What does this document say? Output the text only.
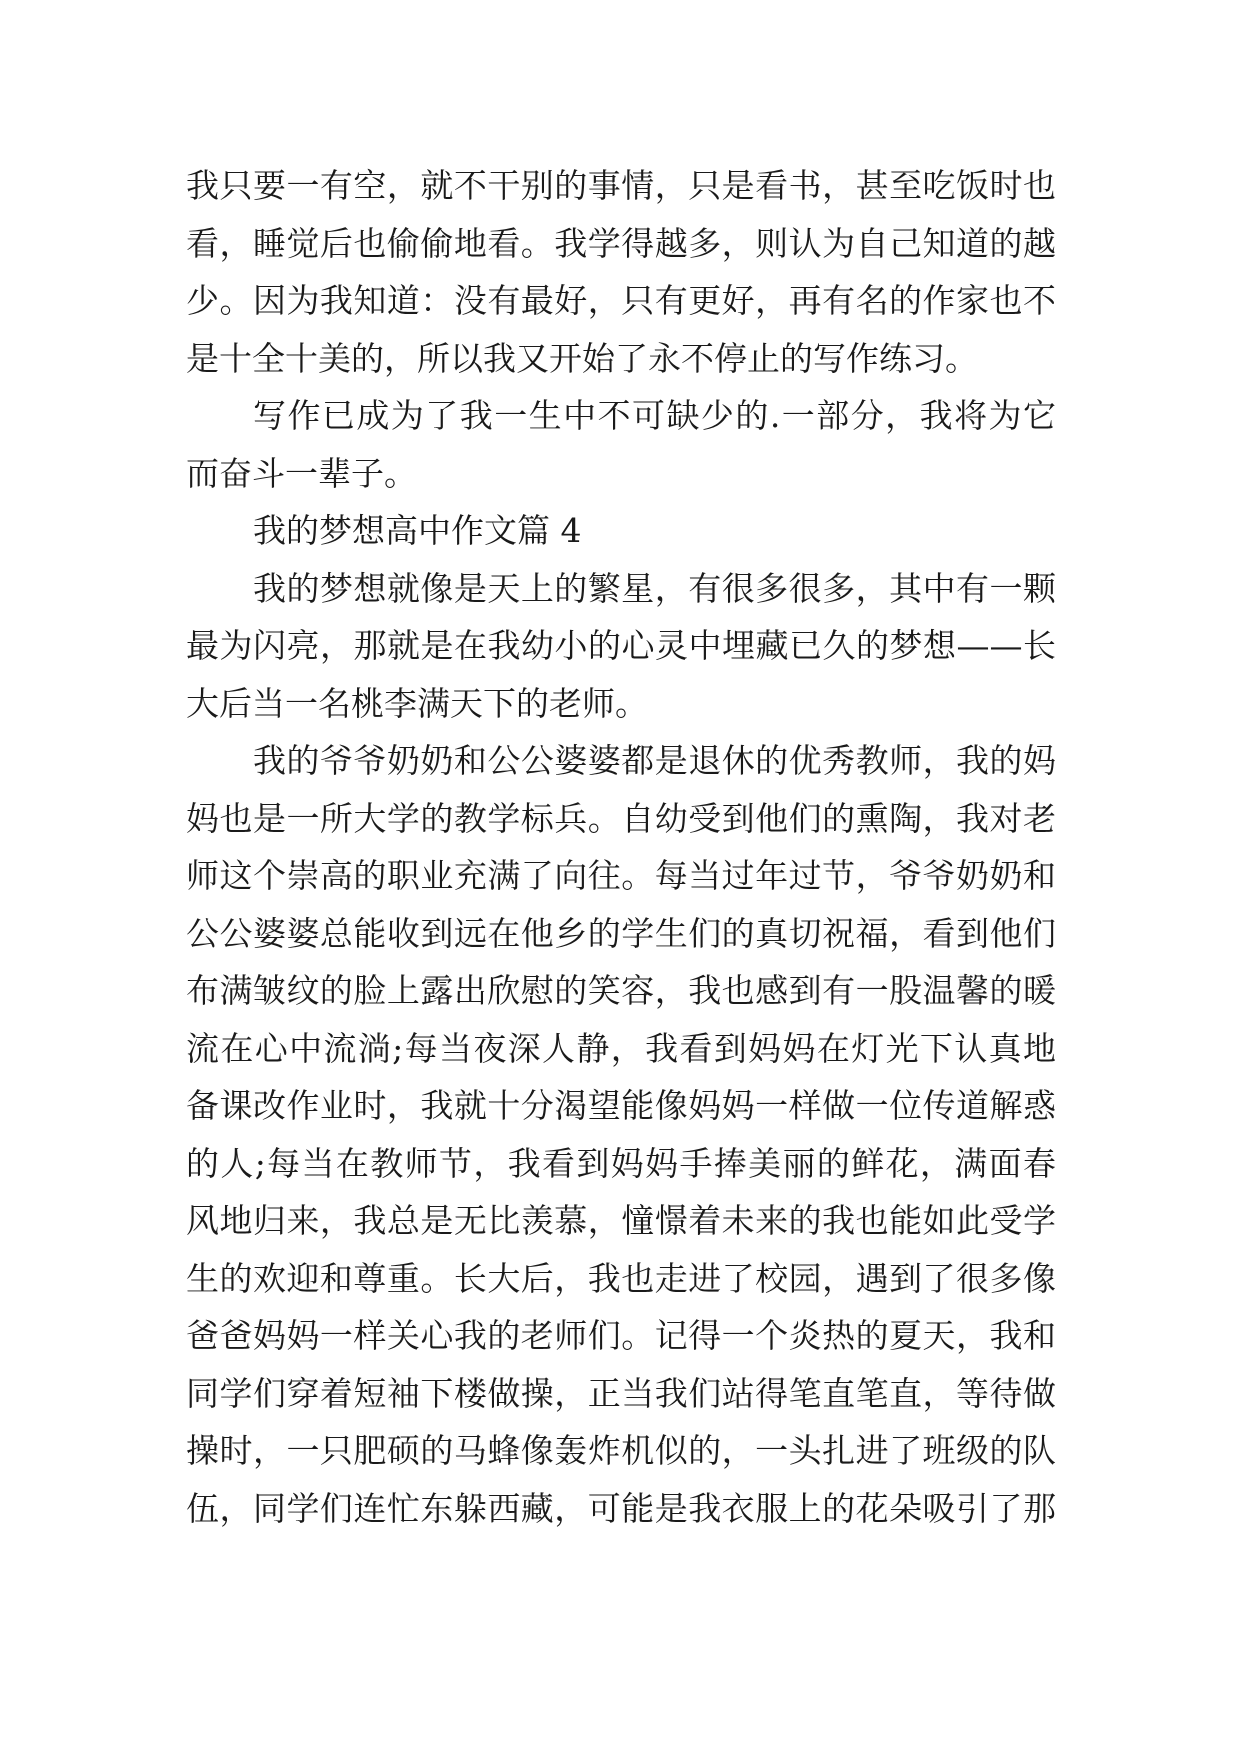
我只要一有空，就不干别的事情，只是看书，甚至吃饭时也
看，睡觉后也偷偷地看。我学得越多，则认为自己知道的越
少。因为我知道：没有最好，只有更好，再有名的作家也不
是十全十美的，所以我又开始了永不停止的写作练习。
写作已成为了我一生中不可缺少的.一部分，我将为它
而奋斗一辈子。
我的梦想高中作文篇 4
我的梦想就像是天上的繁星，有很多很多，其中有一颗
最为闪亮，那就是在我幼小的心灵中埋藏已久的梦想——长
大后当一名桃李满天下的老师。
我的爷爷奶奶和公公婆婆都是退休的优秀教师，我的妈
妈也是一所大学的教学标兵。自幼受到他们的熏陶，我对老
师这个崇高的职业充满了向往。每当过年过节，爷爷奶奶和
公公婆婆总能收到远在他乡的学生们的真切祝福，看到他们
布满皱纹的脸上露出欣慰的笑容，我也感到有一股温馨的暖
流在心中流淌;每当夜深人静，我看到妈妈在灯光下认真地
备课改作业时，我就十分渴望能像妈妈一样做一位传道解惑
的人;每当在教师节，我看到妈妈手捧美丽的鲜花，满面春
风地归来，我总是无比羡慕，憧憬着未来的我也能如此受学
生的欢迎和尊重。长大后，我也走进了校园，遇到了很多像
爸爸妈妈一样关心我的老师们。记得一个炎热的夏天，我和
同学们穿着短袖下楼做操，正当我们站得笔直笔直，等待做
操时，一只肥硕的马蜂像轰炸机似的，一头扎进了班级的队
伍，同学们连忙东躲西藏，可能是我衣服上的花朵吸引了那
